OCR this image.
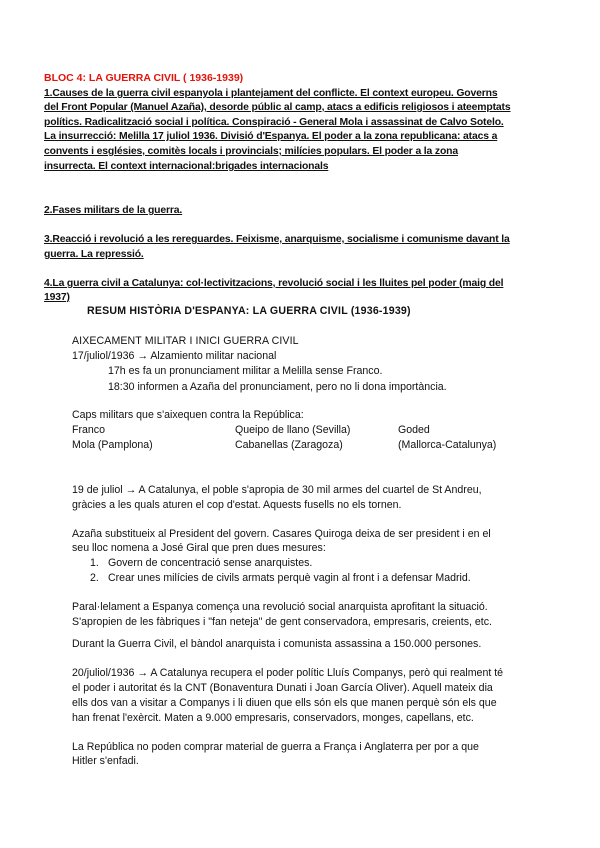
BLOC 4: LA GUERRA CIVIL ( 1936-1939)
1.Causes de la guerra civil espanyola i plantejament del conflicte. El context europeu. Governs
del Front Popular (Manuel Azaña), desorde públic al camp, atacs a edificis religiosos i ateemptats
polítics. Radicalització social i política. Conspiració - General Mola i assassinat de Calvo Sotelo.
La insurrecció: Melilla 17 juliol 1936. Divisió d'Espanya. El poder a la zona republicana: atacs a
convents i esglésies, comitès locals i provincials; milícies populars. El poder a la zona
insurrecta. El context internacional:brigades internacionals
2.Fases militars de la guerra.
3.Reacció i revolució a les rereguardes. Feixisme, anarquisme, socialisme i comunisme davant la
guerra. La repressió.
4.La guerra civil a Catalunya: col·lectivitzacions, revolució social i les lluites pel poder (maig del
1937)
RESUM HISTÒRIA D'ESPANYA: LA GUERRA CIVIL (1936-1939)
AIXECAMENT MILITAR I INICI GUERRA CIVIL
17/juliol/1936 → Alzamiento militar nacional
17h es fa un pronunciament militar a Melilla sense Franco.
18:30 informen a Azaña del pronunciament, pero no li dona importància.
Caps militars que s'aixequen contra la República:
Franco	Queipo de llano (Sevilla)	Goded
Mola (Pamplona)	Cabanellas (Zaragoza)	(Mallorca-Catalunya)
19 de juliol → A Catalunya, el poble s'apropia de 30 mil armes del cuartel de St Andreu,
gràcies a les quals aturen el cop d'estat. Aquests fusells no els tornen.
Azaña substitueix al President del govern. Casares Quiroga deixa de ser president i en el
seu lloc nomena a José Giral que pren dues mesures:
1. Govern de concentració sense anarquistes.
2. Crear unes milícies de civils armats perquè vagin al front i a defensar Madrid.
Paral·lelament a Espanya comença una revolució social anarquista aprofitant la situació.
S'apropien de les fàbriques i "fan neteja" de gent conservadora, empresaris, creients, etc.
Durant la Guerra Civil, el bàndol anarquista i comunista assassina a 150.000 persones.
20/juliol/1936 → A Catalunya recupera el poder polític Lluís Companys, però qui realment té
el poder i autoritat és la CNT (Bonaventura Dunati i Joan García Oliver). Aquell mateix dia
ells dos van a visitar a Companys i li diuen que ells són els que manen perquè són els que
han frenat l'exèrcit. Maten a 9.000 empresaris, conservadors, monges, capellans, etc.
La República no poden comprar material de guerra a França i Anglaterra per por a que
Hitler s'enfadi.
